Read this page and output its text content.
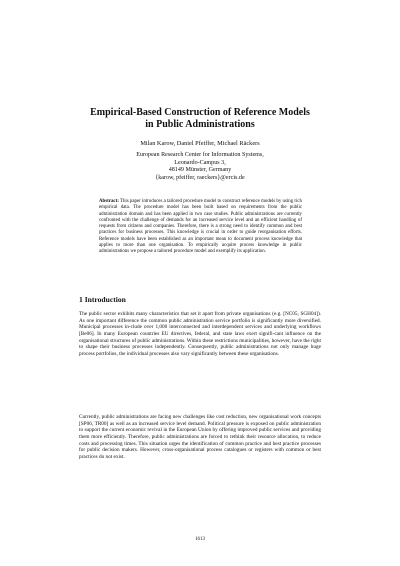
Empirical-Based Construction of Reference Models
in Public Administrations
Milan Karow, Daniel Pfeiffer, Michael Räckers
European Research Center for Information Systems,
Leonardo-Campus 3,
48149 Münster, Germany
{karow, pfeiffer, raeckers}@ercis.de
Abstract: This paper introduces a tailored procedure model to construct reference models by using rich empirical data. The procedure model has been built based on requirements from the public administration domain and has been applied in two case studies. Public administrations are currently confronted with the challenge of demands for an increased service level and an efficient handling of requests from citizens and companies. Therefore, there is a strong need to identify common and best practices for business processes. This knowledge is crucial in order to guide reorganisation efforts. Reference models have been established as an important mean to document process knowledge that applies to more than one organisation. To empirically acquire process knowledge in public administrations we propose a tailored procedure model and exemplify its application.
1 Introduction
The public sector exhibits many characteristics that set it apart from private organisations (e.g. [NC05, SGH04]). As one important difference the common public administration service portfolio is significantly more diversified. Municipal processes in-clude over 1,000 interconnected and interdependent services and underlying workflows [Be06]. In many European countries EU directives, federal, and state laws exert signifi-cant influence on the organisational structures of public administrations. Within these restrictions municipalities, however, have the right to shape their business processes independently. Consequently, public administrations not only manage huge process portfolios, the individual processes also vary significantly between these organisations.
Currently, public administrations are facing new challenges like cost reduction, new organisational work concepts [SP06, TR00] as well as an increased service level demand. Political pressure is exposed on public administration to support the current economic revival in the European Union by offering improved public services and providing them more efficiently. Therefore, public administrations are forced to rethink their resource allocation, to reduce costs and processing times. This situation urges the identification of common practice and best practice processes for public decision makers. However, cross-organisational process catalogues or registers with common or best practices do not exist.
1613
